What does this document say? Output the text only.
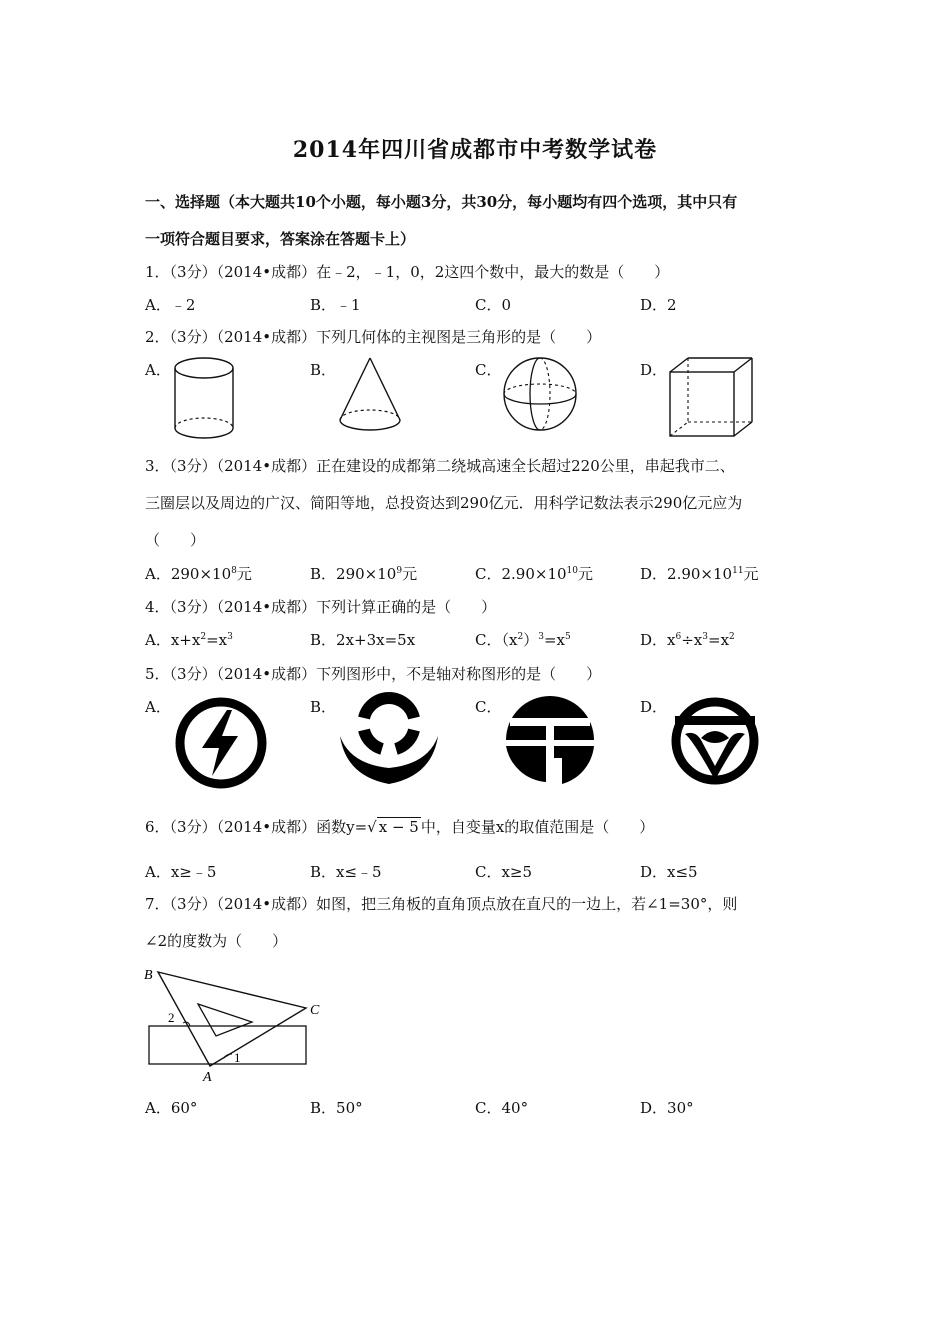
2014年四川省成都市中考数学试卷
一、选择题（本大题共10个小题，每小题3分，共30分，每小题均有四个选项，其中只有
一项符合题目要求，答案涂在答题卡上）
1．（3分）（2014•成都）在﹣2，﹣1，0，2这四个数中，最大的数是（　　）
A．﹣2	B．﹣1	C．0	D．2
2．（3分）（2014•成都）下列几何体的主视图是三角形的是（　　）
A．	B．	C．	D．
3．（3分）（2014•成都）正在建设的成都第二绕城高速全长超过220公里，串起我市二、
三圈层以及周边的广汉、简阳等地，总投资达到290亿元．用科学记数法表示290亿元应为
（　　）
A．$290\times 10^8$元	B．$290\times 10^9$元	C．$2.90\times 10^{10}$元	D．$2.90\times 10^{11}$元
4．（3分）（2014•成都）下列计算正确的是（　　）
A．$x+x^2=x^3$	B．2x+3x=5x	C．$(x^2)^3=x^5$	D．$x^6\div x^3=x^2$
5．（3分）（2014•成都）下列图形中，不是轴对称图形的是（　　）
A．	B．	C．	D．
6．（3分）（2014•成都）函数y=√ x − 5 中，自变量x的取值范围是（　　）
A．x≥﹣5	B．x≤﹣5	C．x≥5	D．x≤5
7．（3分）（2014•成都）如图，把三角板的直角顶点放在直尺的一边上，若∠1=30°，则
∠2的度数为（　　）
B
C
A
1
2
A．60°	B．50°	C．40°	D．30°
